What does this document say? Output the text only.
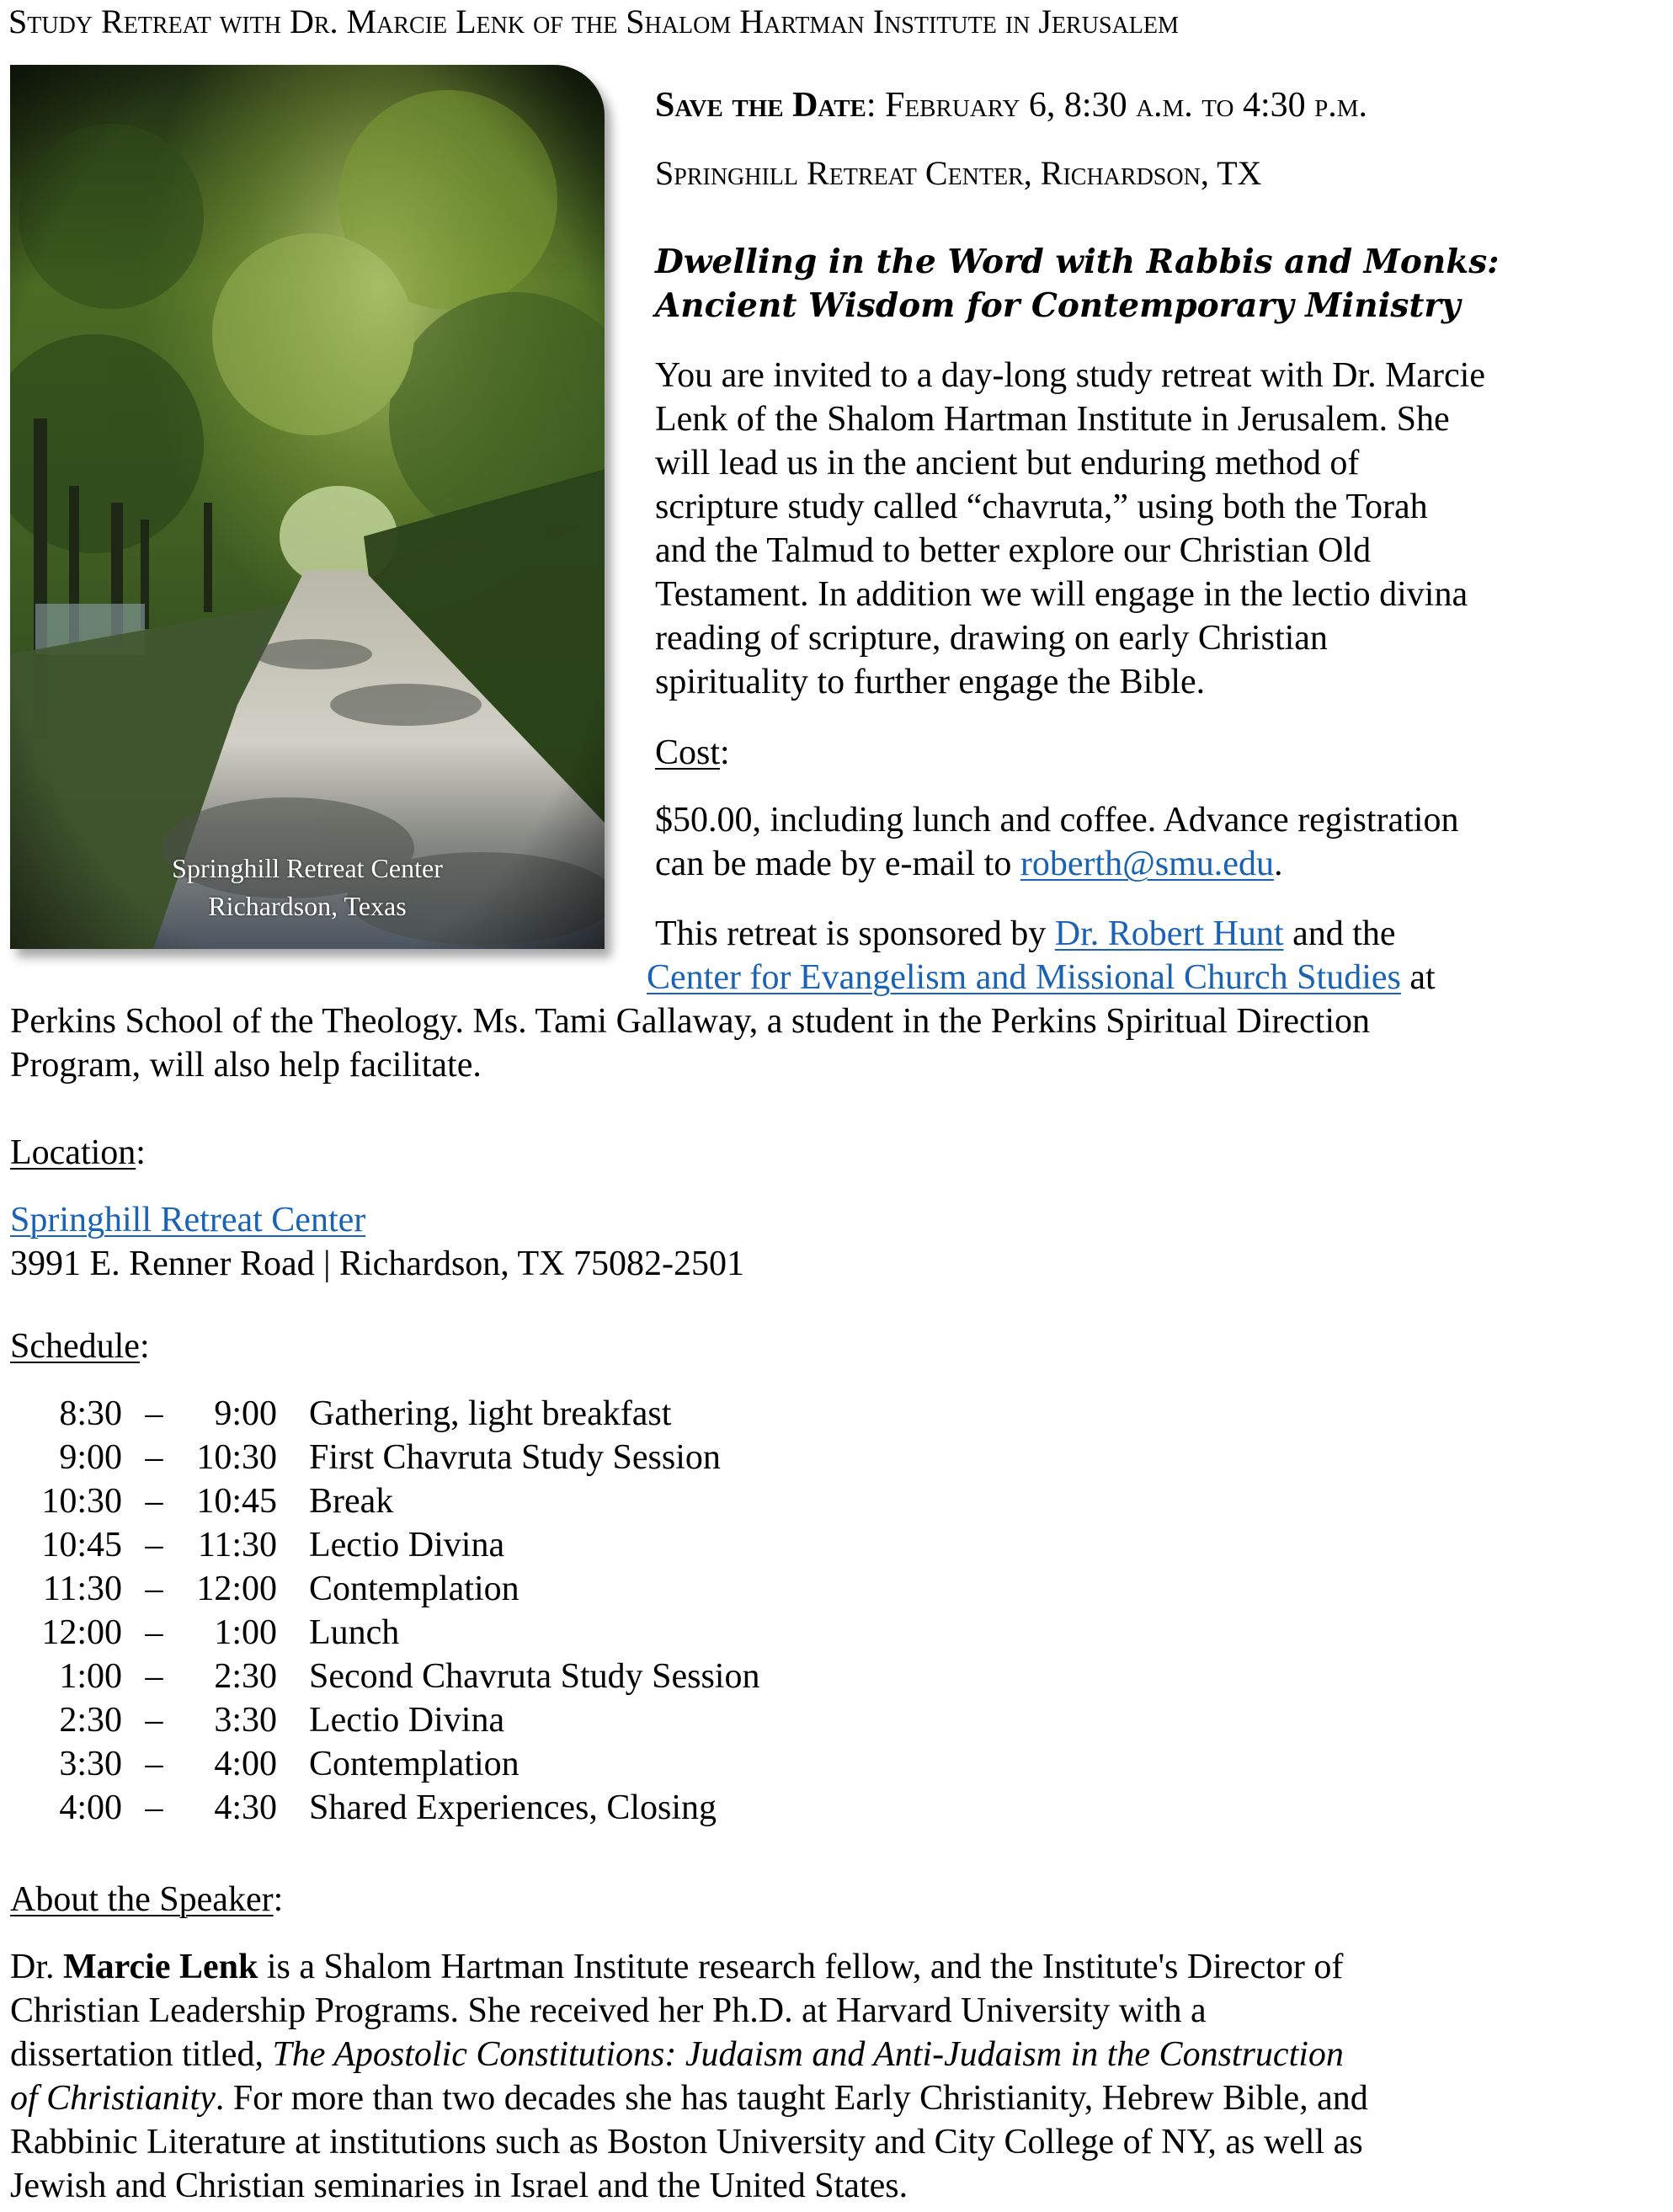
Study Retreat with Dr. Marcie Lenk of the Shalom Hartman Institute in Jerusalem
Springhill Retreat Center
Richardson, Texas
Save the Date: February 6, 8:30 a.m. to 4:30 p.m.
Springhill Retreat Center, Richardson, TX
Dwelling in the Word with Rabbis and Monks:
Ancient Wisdom for Contemporary Ministry
You are invited to a day-long study retreat with Dr. Marcie
Lenk of the Shalom Hartman Institute in Jerusalem. She
will lead us in the ancient but enduring method of
scripture study called “chavruta,” using both the Torah
and the Talmud to better explore our Christian Old
Testament. In addition we will engage in the lectio divina
reading of scripture, drawing on early Christian
spirituality to further engage the Bible.
Cost:
$50.00, including lunch and coffee. Advance registration
can be made by e-mail to roberth@smu.edu.
This retreat is sponsored by Dr. Robert Hunt and the
Center for Evangelism and Missional Church Studies at
Perkins School of the Theology. Ms. Tami Gallaway, a student in the Perkins Spiritual Direction
Program, will also help facilitate.
Location:
Springhill Retreat Center
3991 E. Renner Road | Richardson, TX 75082-2501
Schedule:
8:30 –	9:00 Gathering, light breakfast
9:00 – 10:30 First Chavruta Study Session
10:30 – 10:45 Break
10:45 – 11:30 Lectio Divina
11:30 – 12:00 Contemplation
12:00 –	1:00 Lunch
1:00 –	2:30 Second Chavruta Study Session
2:30 –	3:30 Lectio Divina
3:30 –	4:00 Contemplation
4:00 –	4:30 Shared Experiences, Closing
About the Speaker:
Dr. Marcie Lenk is a Shalom Hartman Institute research fellow, and the Institute's Director of
Christian Leadership Programs. She received her Ph.D. at Harvard University with a
dissertation titled, The Apostolic Constitutions: Judaism and Anti-Judaism in the Construction
of Christianity. For more than two decades she has taught Early Christianity, Hebrew Bible, and
Rabbinic Literature at institutions such as Boston University and City College of NY, as well as
Jewish and Christian seminaries in Israel and the United States.
